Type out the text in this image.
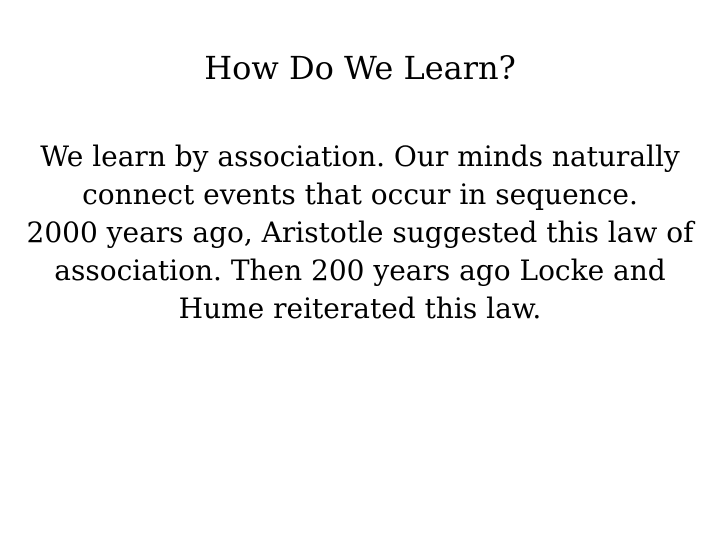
How Do We Learn?

We learn by association. Our minds naturally connect events that occur in sequence.

2000 years ago, Aristotle suggested this law of association. Then 200 years ago Locke and Hume reiterated this law.
